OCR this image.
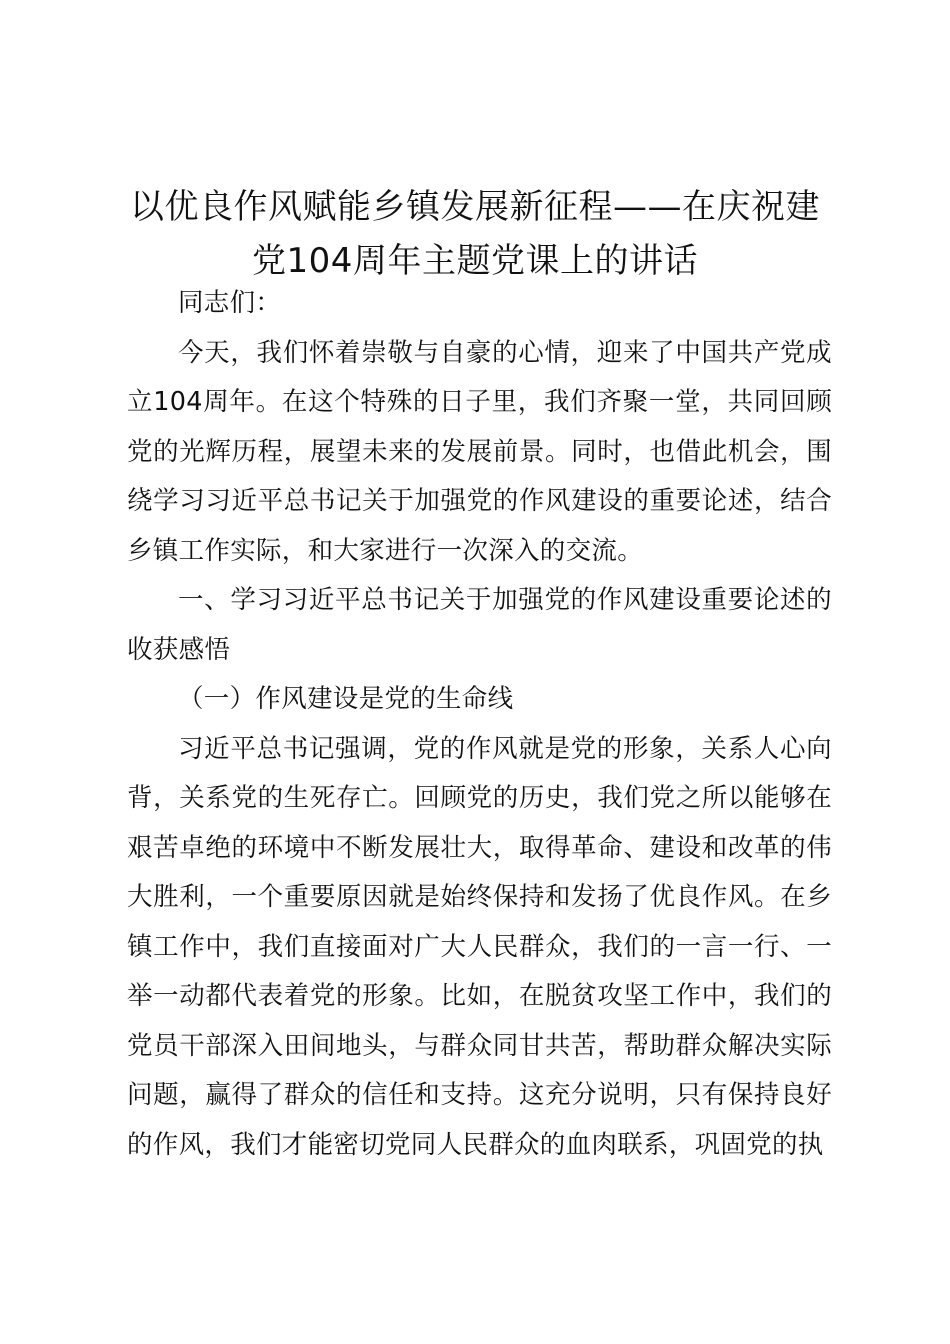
以优良作风赋能乡镇发展新征程——在庆祝建党104周年主题党课上的讲话

同志们：

今天，我们怀着崇敬与自豪的心情，迎来了中国共产党成立104周年。在这个特殊的日子里，我们齐聚一堂，共同回顾党的光辉历程，展望未来的发展前景。同时，也借此机会，围绕学习习近平总书记关于加强党的作风建设的重要论述，结合乡镇工作实际，和大家进行一次深入的交流。

一、学习习近平总书记关于加强党的作风建设重要论述的收获感悟

（一）作风建设是党的生命线

习近平总书记强调，党的作风就是党的形象，关系人心向背，关系党的生死存亡。回顾党的历史，我们党之所以能够在艰苦卓绝的环境中不断发展壮大，取得革命、建设和改革的伟大胜利，一个重要原因就是始终保持和发扬了优良作风。在乡镇工作中，我们直接面对广大人民群众，我们的一言一行、一举一动都代表着党的形象。比如，在脱贫攻坚工作中，我们的党员干部深入田间地头，与群众同甘共苦，帮助群众解决实际问题，赢得了群众的信任和支持。这充分说明，只有保持良好的作风，我们才能密切党同人民群众的血肉联系，巩固党的执
